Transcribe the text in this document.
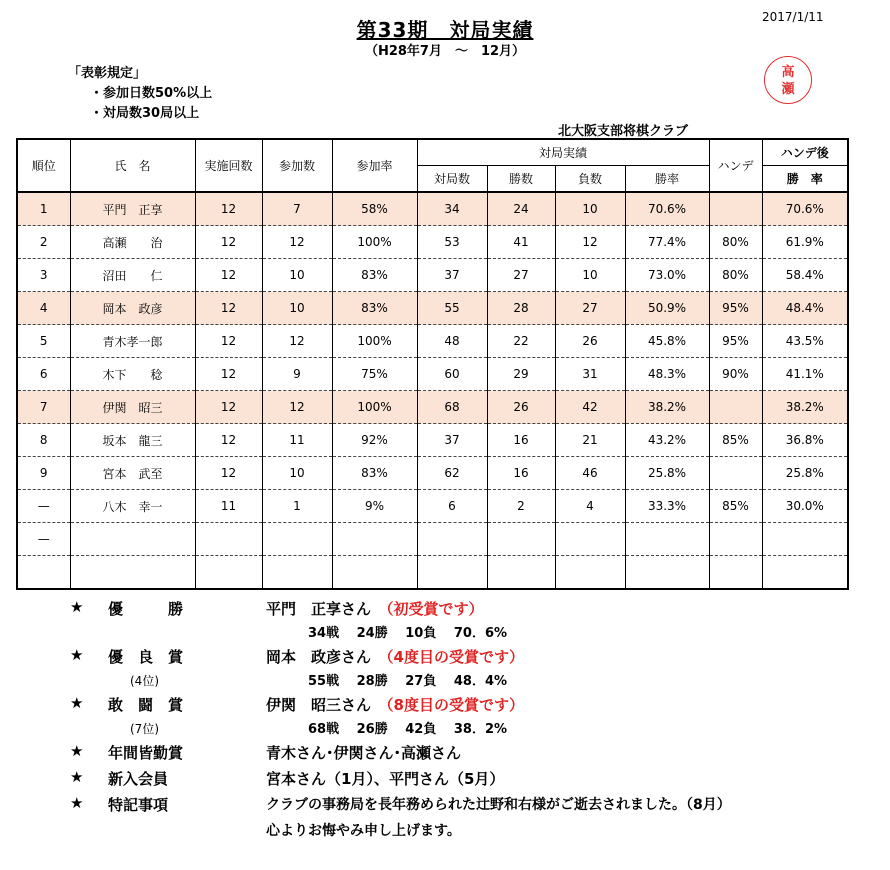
第33期　対局実績
（H28年7月　～　12月）
2017/1/11
「表彰規定」
・参加日数50%以上
・対局数30局以上
高
瀬
北大阪支部将棋クラブ
順位	氏　名	実施回数	参加数	参加率	対局実績				ハンデ	ハンデ後
					対局数	勝数	負数	勝率		勝　率
1	平門　正享	12	7	58%	34	24	10	70.6%		70.6%
2	高瀬　　治	12	12	100%	53	41	12	77.4%	80%	61.9%
3	沼田　　仁	12	10	83%	37	27	10	73.0%	80%	58.4%
4	岡本　政彦	12	10	83%	55	28	27	50.9%	95%	48.4%
5	青木孝一郎	12	12	100%	48	22	26	45.8%	95%	43.5%
6	木下　　稔	12	9	75%	60	29	31	48.3%	90%	41.1%
7	伊関　昭三	12	12	100%	68	26	42	38.2%		38.2%
8	坂本　龍三	12	11	92%	37	16	21	43.2%	85%	36.8%
9	宮本　武至	12	10	83%	62	16	46	25.8%		25.8%
—	八木　幸一	11	1	9%	6	2	4	33.3%	85%	30.0%
—										

★ 優　　　勝	平門　正享さん　 （初受賞です）
34戦　 24勝　 10負　 70．6%
★ 優　良　賞	岡本　政彦さん　 （4度目の受賞です）
(4位)	55戦　 28勝　 27負　 48．4%
★ 敢　闘　賞	伊関　昭三さん　 （8度目の受賞です）
(7位)	68戦　 26勝　 42負　 38．2%
★ 年間皆勤賞	青木さん･伊関さん･高瀬さん
★ 新入会員	宮本さん（1月）、平門さん（5月）
★ 特記事項	クラブの事務局を長年務められた辻野和右様がご逝去されました。（8月）
心よりお悔やみ申し上げます。
